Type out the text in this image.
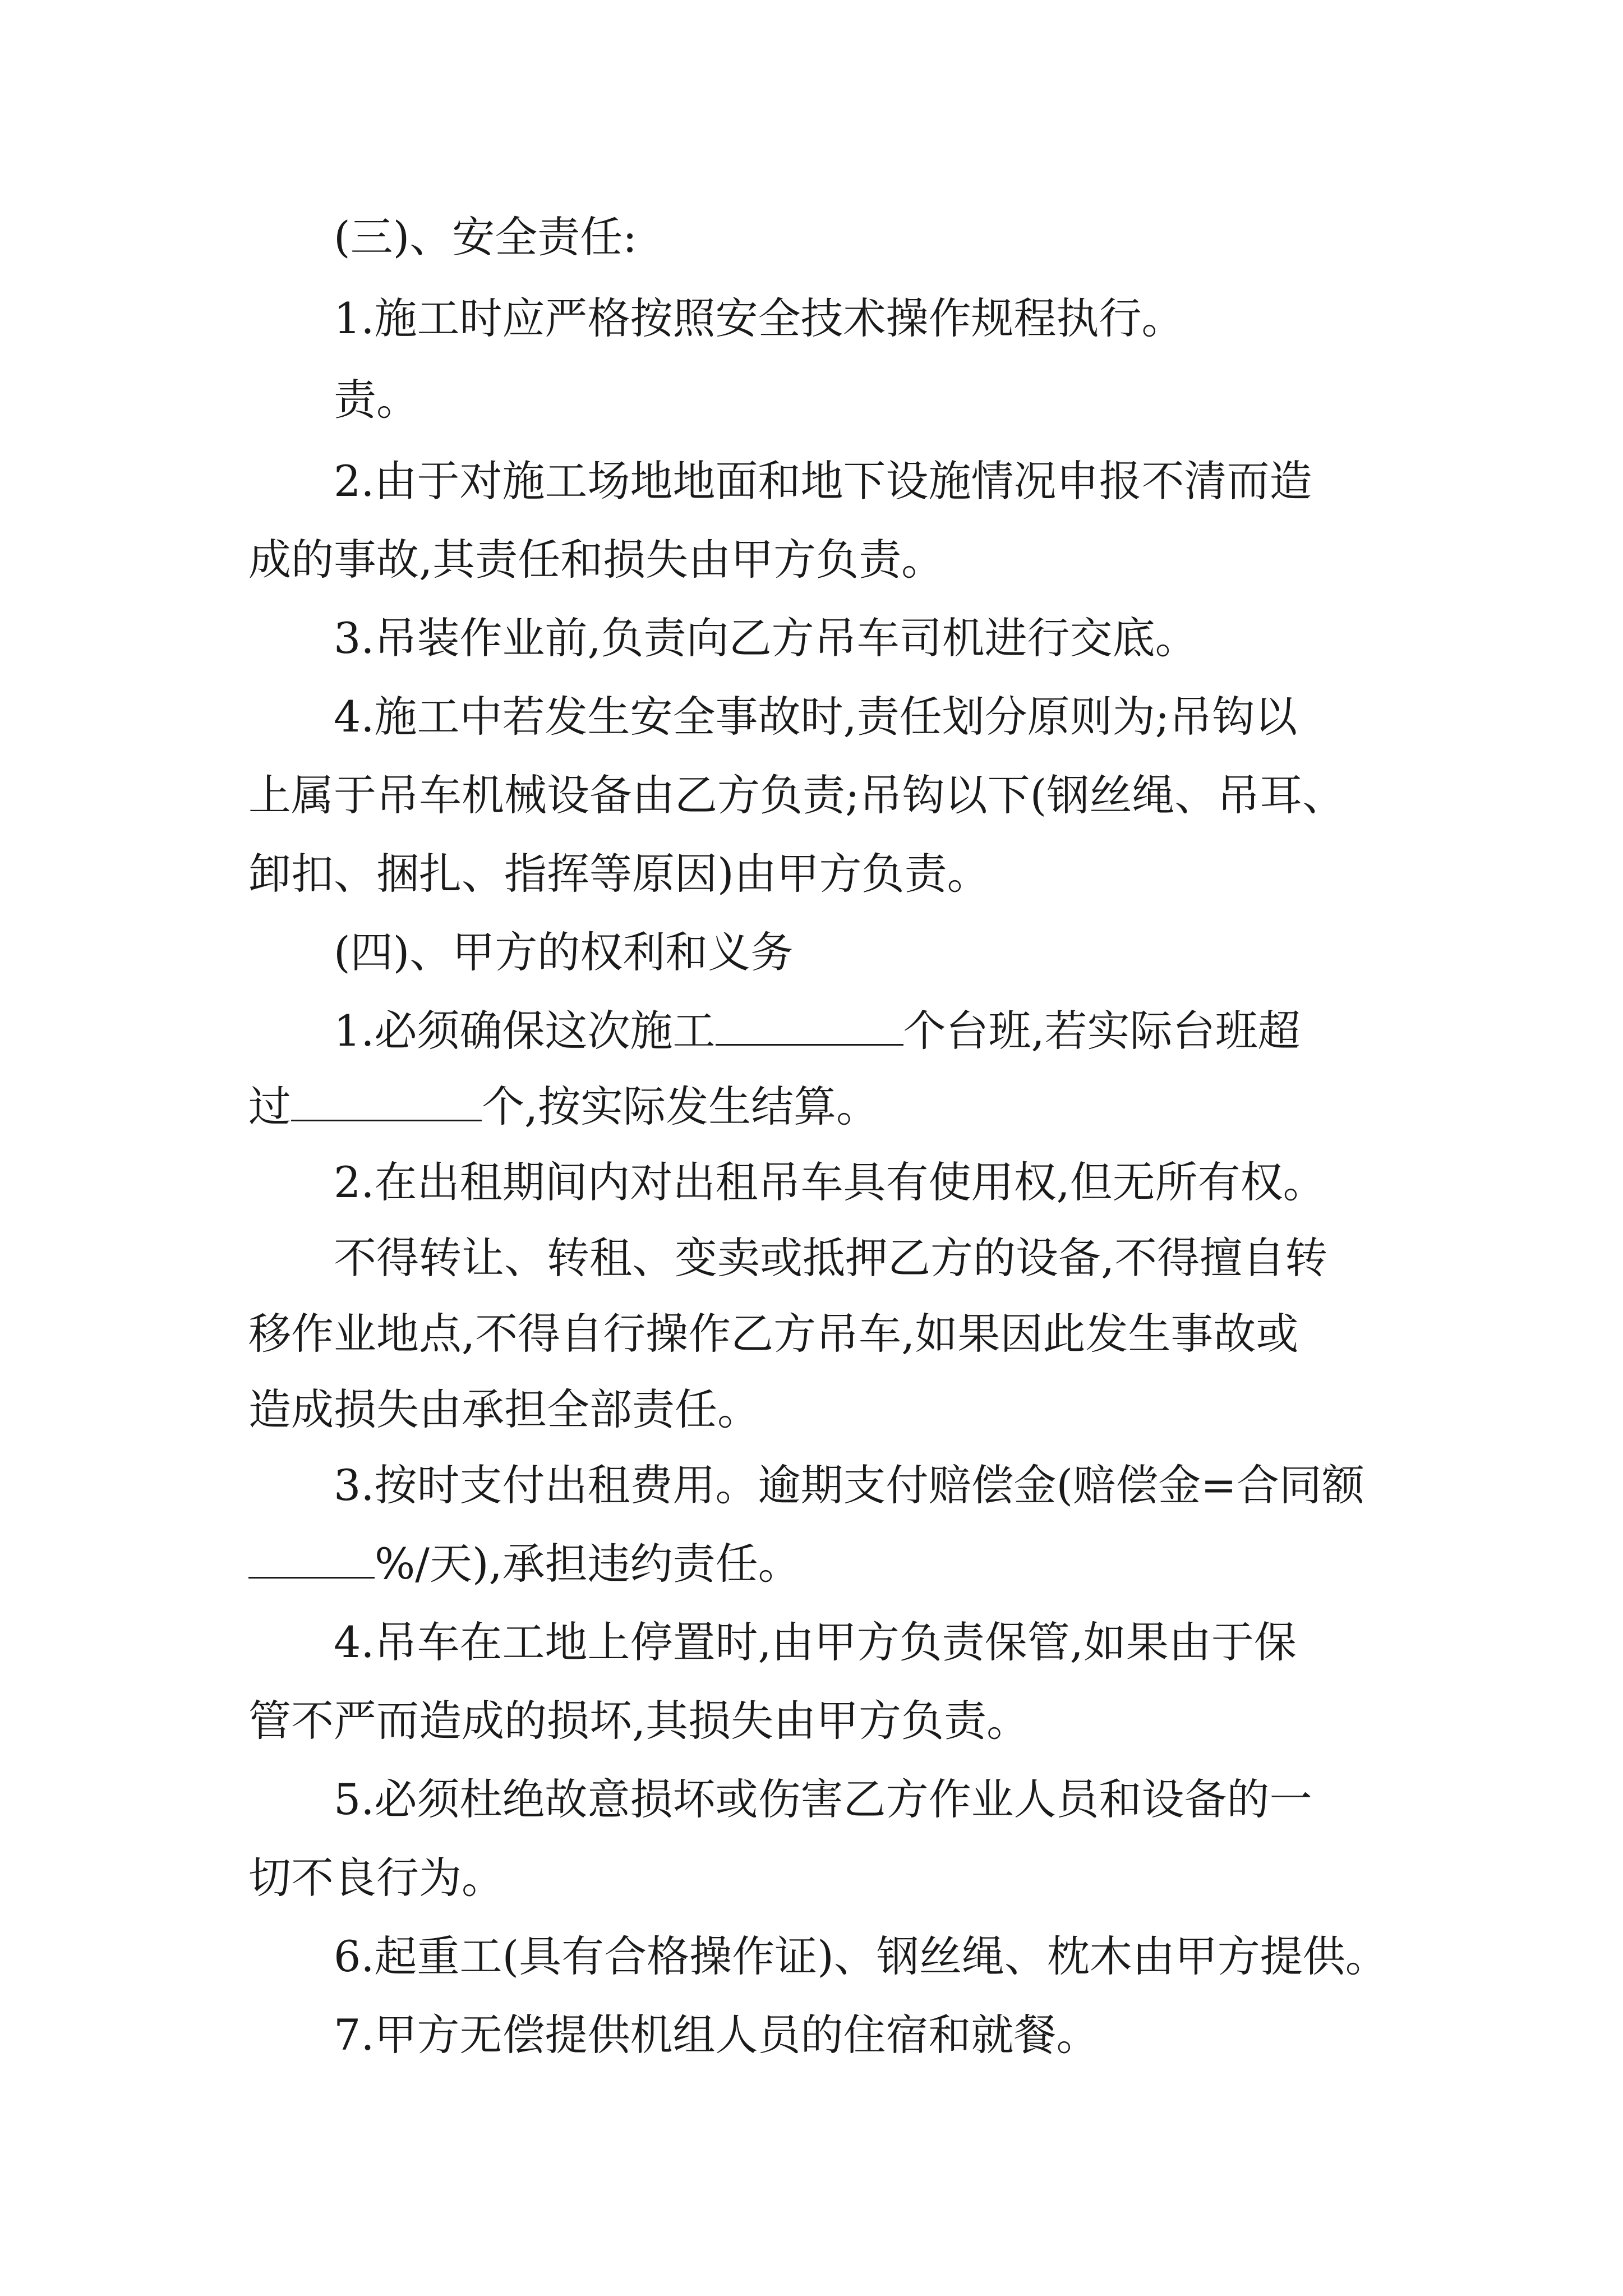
(三)、安全责任:
1.施工时应严格按照安全技术操作规程执行。
责。
2.由于对施工场地地面和地下设施情况申报不清而造
成的事故,其责任和损失由甲方负责。
3.吊装作业前,负责向乙方吊车司机进行交底。
4.施工中若发生安全事故时,责任划分原则为;吊钩以
上属于吊车机械设备由乙方负责;吊钩以下(钢丝绳、吊耳、
卸扣、捆扎、指挥等原因)由甲方负责。
(四)、甲方的权利和义务
1.必须确保这次施工	个台班,若实际台班超
过	个,按实际发生结算。
2.在出租期间内对出租吊车具有使用权,但无所有权。
不得转让、转租、变卖或抵押乙方的设备,不得擅自转
移作业地点,不得自行操作乙方吊车,如果因此发生事故或
造成损失由承担全部责任。
3.按时支付出租费用。逾期支付赔偿金(赔偿金=合同额
%/天),承担违约责任。
4.吊车在工地上停置时,由甲方负责保管,如果由于保
管不严而造成的损坏,其损失由甲方负责。
5.必须杜绝故意损坏或伤害乙方作业人员和设备的一
切不良行为。
6.起重工(具有合格操作证)、钢丝绳、枕木由甲方提供。
7.甲方无偿提供机组人员的住宿和就餐。
